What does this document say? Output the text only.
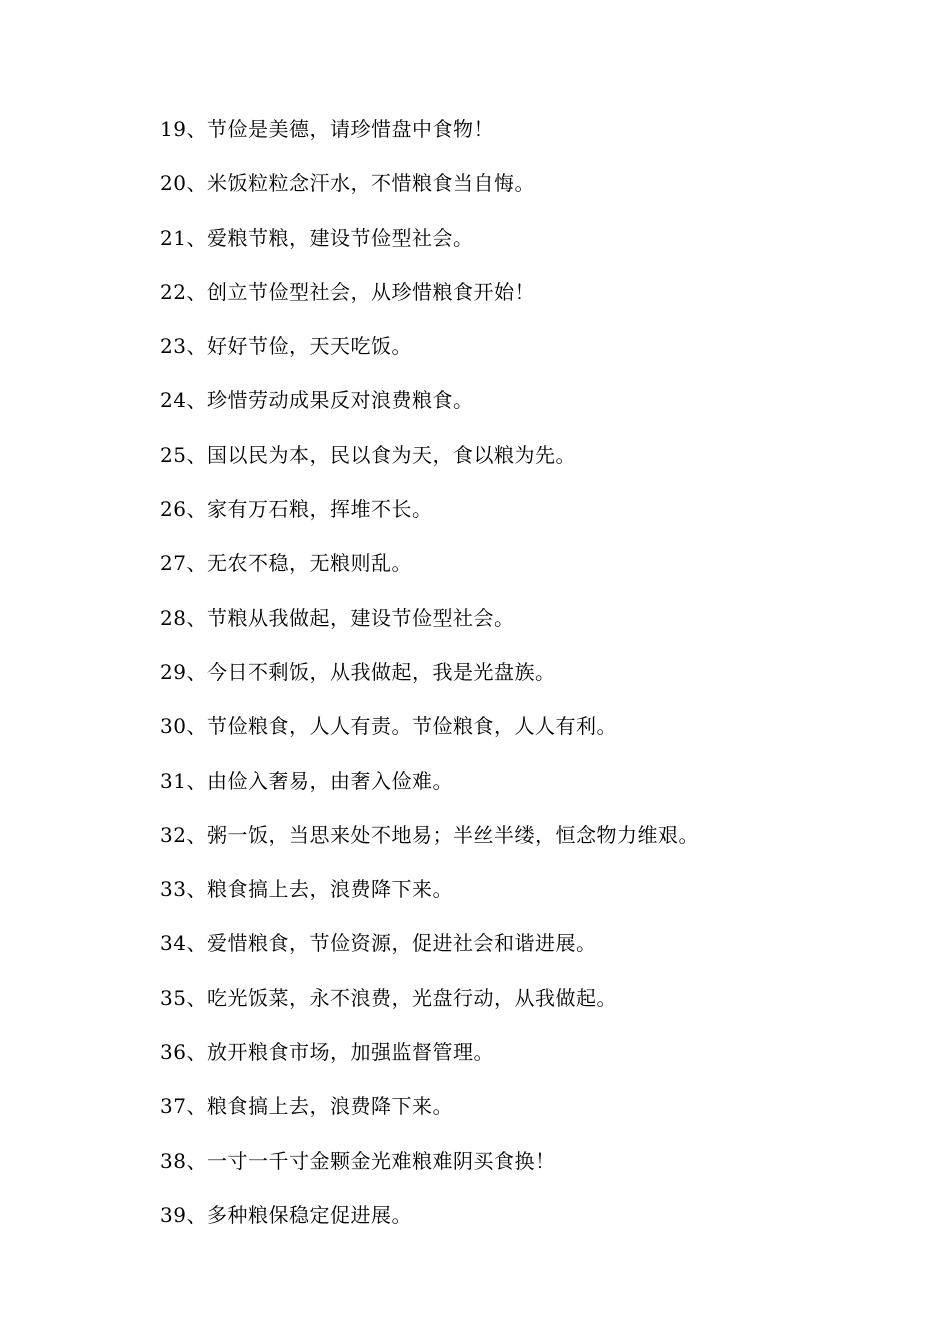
19、节俭是美德，请珍惜盘中食物！
20、米饭粒粒念汗水，不惜粮食当自悔。
21、爱粮节粮，建设节俭型社会。
22、创立节俭型社会，从珍惜粮食开始！
23、好好节俭，天天吃饭。
24、珍惜劳动成果反对浪费粮食。
25、国以民为本，民以食为天，食以粮为先。
26、家有万石粮，挥堆不长。
27、无农不稳，无粮则乱。
28、节粮从我做起，建设节俭型社会。
29、今日不剩饭，从我做起，我是光盘族。
30、节俭粮食，人人有责。节俭粮食，人人有利。
31、由俭入奢易，由奢入俭难。
32、粥一饭，当思来处不地易；半丝半缕，恒念物力维艰。
33、粮食搞上去，浪费降下来。
34、爱惜粮食，节俭资源，促进社会和谐进展。
35、吃光饭菜，永不浪费，光盘行动，从我做起。
36、放开粮食市场，加强监督管理。
37、粮食搞上去，浪费降下来。
38、一寸一千寸金颗金光难粮难阴买食换！
39、多种粮保稳定促进展。
